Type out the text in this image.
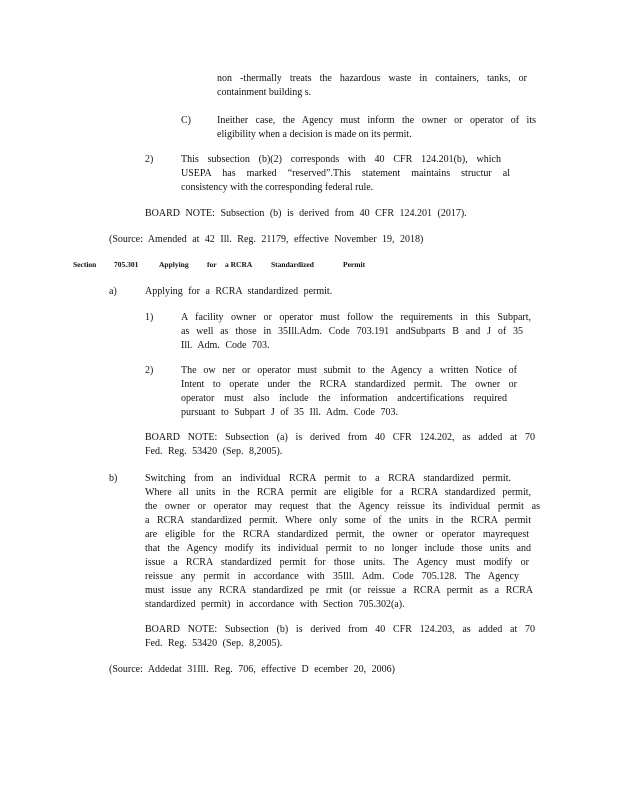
non -thermally treats the hazardous waste in containers, tanks, or
containment building s.
C)	Ineither case, the Agency must inform the owner or operator of its
eligibility when a decision is made on its permit.
2)	This subsection (b)(2) corresponds with 40 CFR 124.201(b), which
USEPA has marked “reserved”.This statement maintains structur al
consistency with the corresponding federal rule.
BOARD NOTE: Subsection (b) is derived from 40 CFR 124.201 (2017).
(Source: Amended at 42 Ill. Reg. 21179, effective November 19, 2018)
Section 705.301	Applying for a RCRA Standardized	Permit
a)	Applying for a RCRA standardized permit.
1)	A facility owner or operator must follow the requirements in this Subpart,
as well as those in 35Ill.Adm. Code 703.191 andSubparts B and J of 35
Ill. Adm. Code 703.
2)	The ow ner or operator must submit to the Agency a written Notice of
Intent to operate under the RCRA standardized permit. The owner or
operator must also include the information andcertifications required
pursuant to Subpart J of 35 Ill. Adm. Code 703.
BOARD NOTE: Subsection (a) is derived from 40 CFR 124.202, as added at 70
Fed. Reg. 53420 (Sep. 8,2005).
b)	Switching from an individual RCRA permit to a RCRA standardized permit.
Where all units in the RCRA permit are eligible for a RCRA standardized permit,
the owner or operator may request that the Agency reissue its individual permit as
a RCRA standardized permit. Where only some of the units in the RCRA permit
are eligible for the RCRA standardized permit, the owner or operator mayrequest
that the Agency modify its individual permit to no longer include those units and
issue a RCRA standardized permit for those units. The Agency must modify or
reissue any permit in accordance with 35Ill. Adm. Code 705.128. The Agency
must issue any RCRA standardized pe rmit (or reissue a RCRA permit as a RCRA
standardized permit) in accordance with Section 705.302(a).
BOARD NOTE: Subsection (b) is derived from 40 CFR 124.203, as added at 70
Fed. Reg. 53420 (Sep. 8,2005).
(Source: Addedat 31Ill. Reg. 706, effective D ecember 20, 2006)
